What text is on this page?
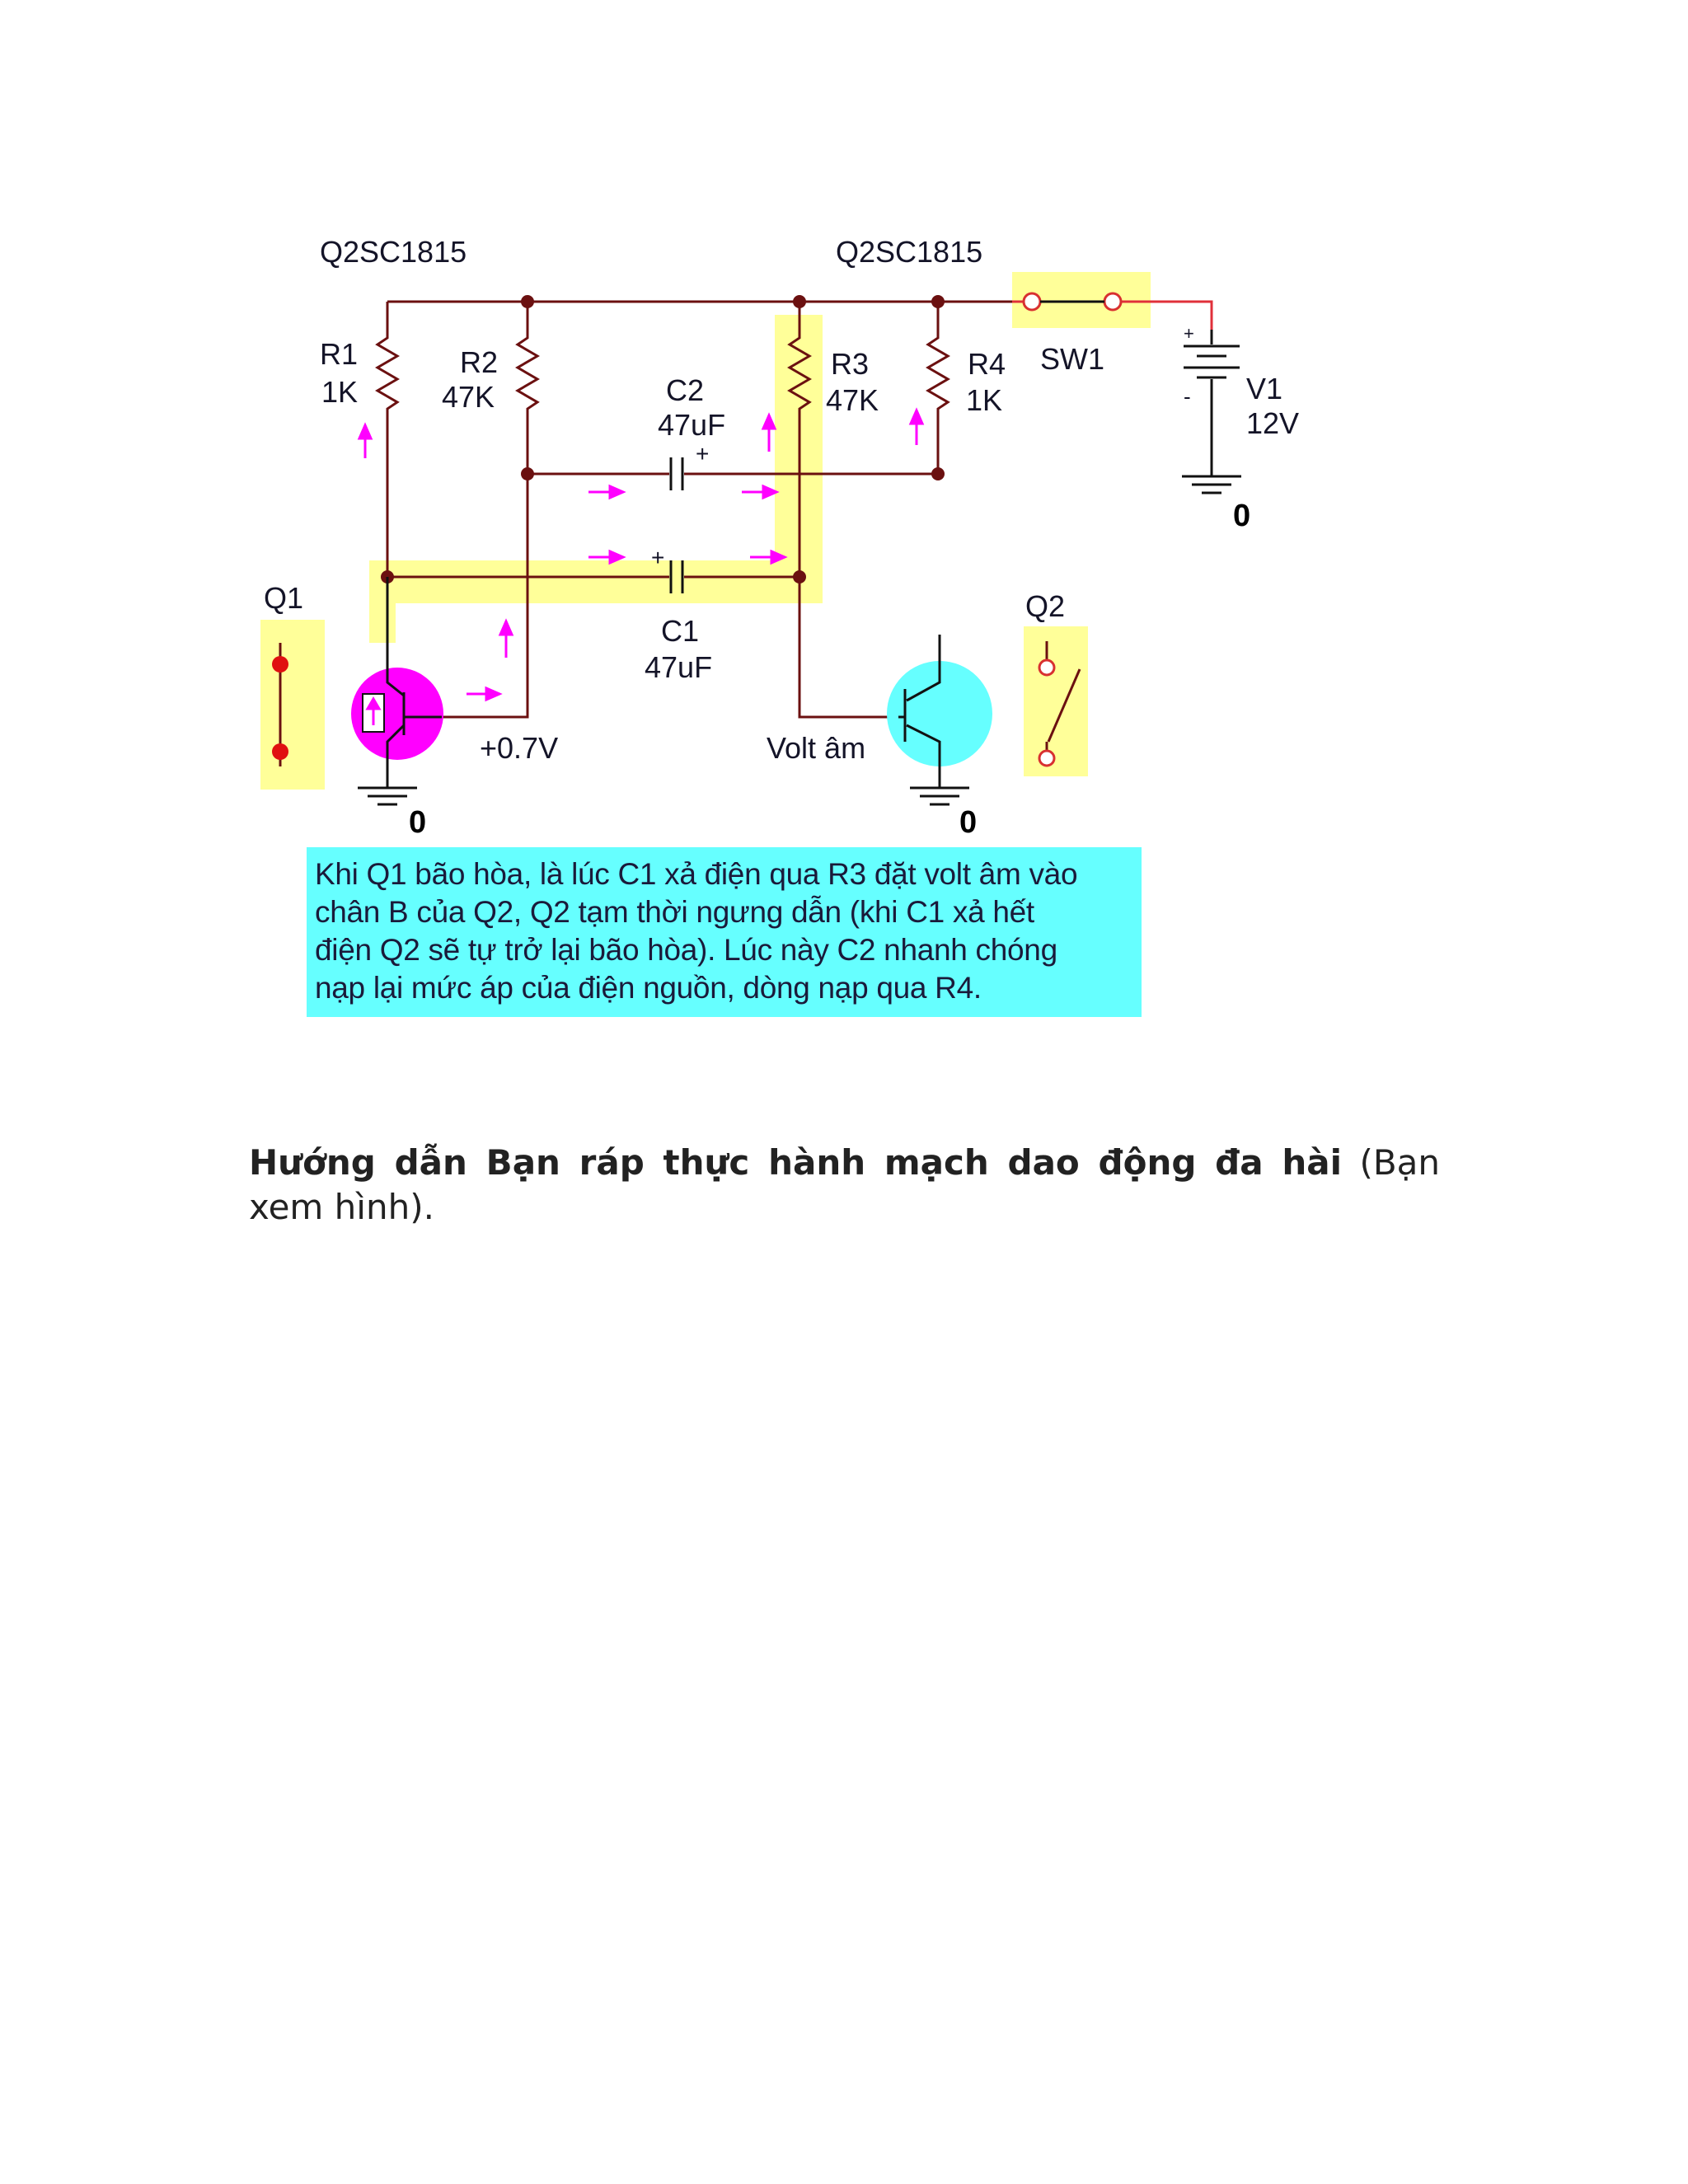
Q2SC1815	Q2SC1815
R1
1K
R2
47K
R3
47K
R4
1K
C2
47uF
+
+
C1
47uF
SW1
+
- V1
12V
0
0	0
Q1	Q2
+0.7V	Volt âm
Khi Q1 bão hòa, là lúc C1 xả điện qua R3 đặt volt âm vào
chân B của Q2, Q2 tạm thời ngưng dẫn (khi C1 xả hết
điện Q2 sẽ tự trở lại bão hòa). Lúc này C2 nhanh chóng
nạp lại mức áp của điện nguồn, dòng nạp qua R4.
Hướng dẫn Bạn ráp thực hành mạch dao động đa hài (Bạn xem hình).
